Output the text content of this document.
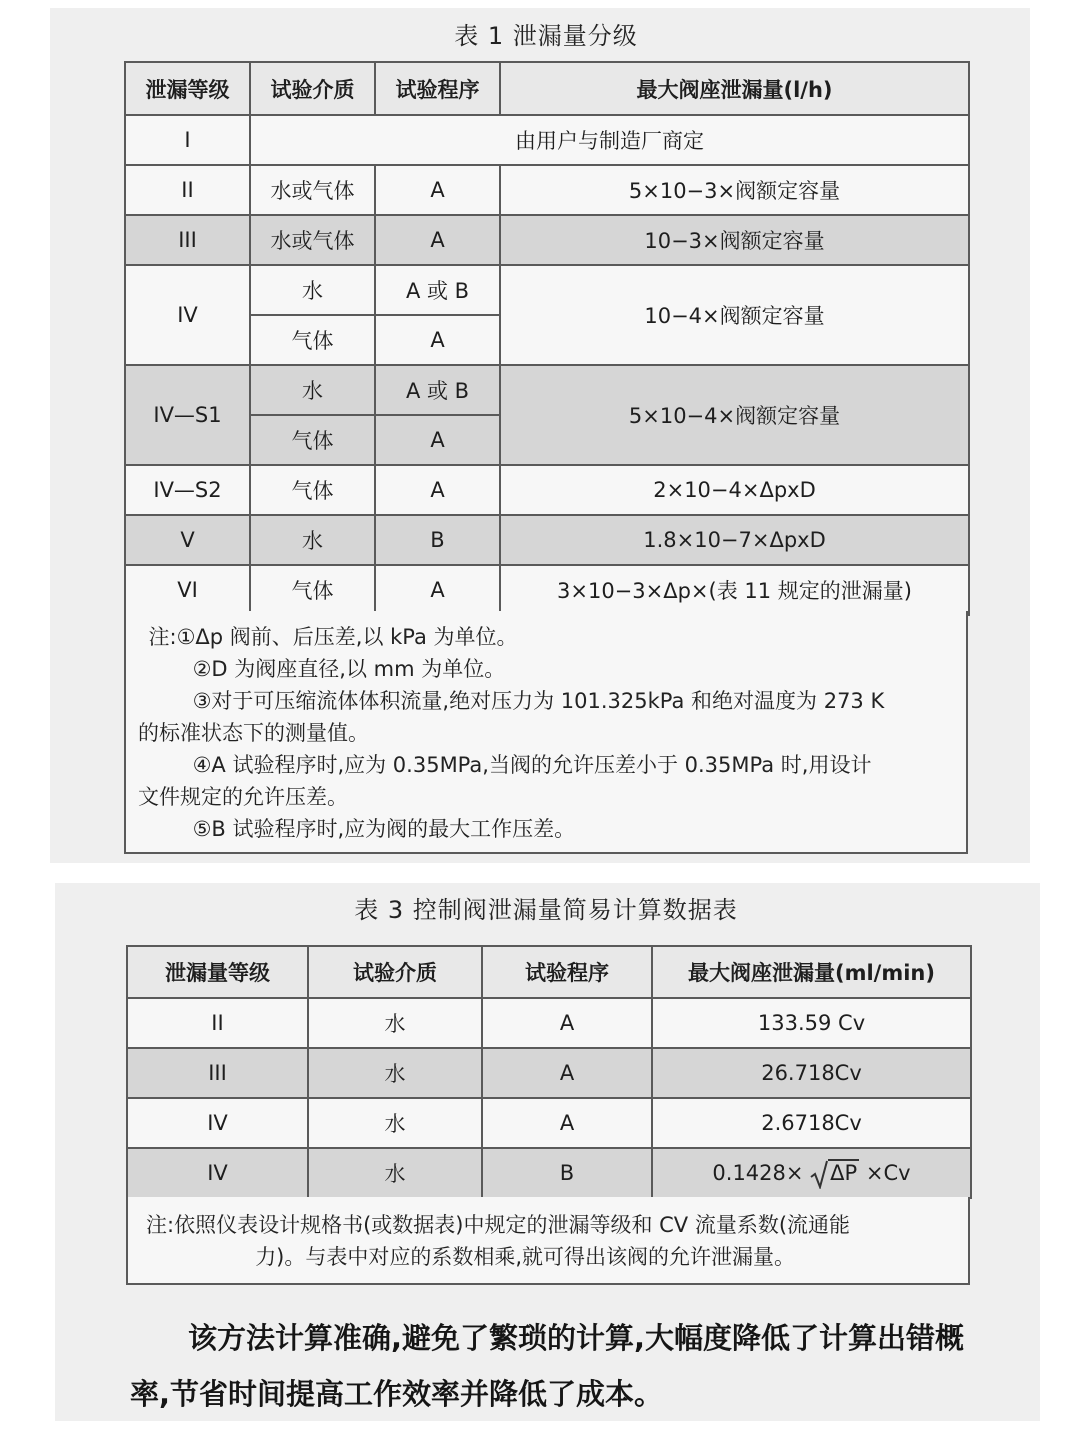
表 1 泄漏量分级
泄漏等级	试验介质	试验程序	最大阀座泄漏量(l/h)
I	由用户与制造厂商定		
II	水或气体	A	5×10−3×阀额定容量
III	水或气体	A	10−3×阀额定容量
IV	水	A 或 B	10−4×阀额定容量
	气体	A	
IV—S1	水	A 或 B	5×10−4×阀额定容量
	气体	A	
IV—S2	气体	A	2×10−4×ΔpxD
V	水	B	1.8×10−7×ΔpxD
VI	气体	A	3×10−3×Δp×(表 11 规定的泄漏量)

注:①Δp 阀前、后压差,以 kPa 为单位。

②D 为阀座直径,以 mm 为单位。

③对于可压缩流体体积流量,绝对压力为 101.325kPa 和绝对温度为 273 K

的标准状态下的测量值。

④A 试验程序时,应为 0.35MPa,当阀的允许压差小于 0.35MPa 时,用设计

文件规定的允许压差。

⑤B 试验程序时,应为阀的最大工作压差。

表 3 控制阀泄漏量简易计算数据表
泄漏量等级	试验介质	试验程序	最大阀座泄漏量(ml/min)
II	水	A	133.59 Cv
III	水	A	26.718Cv
IV	水	A	2.6718Cv
IV	水	B	0.1428× ΔP ×Cv

注:依照仪表设计规格书(或数据表)中规定的泄漏等级和 CV 流量系数(流通能

力)。与表中对应的系数相乘,就可得出该阀的允许泄漏量。

该方法计算准确,避免了繁琐的计算,大幅度降低了计算出错概率,节省时间提高工作效率并降低了成本。
